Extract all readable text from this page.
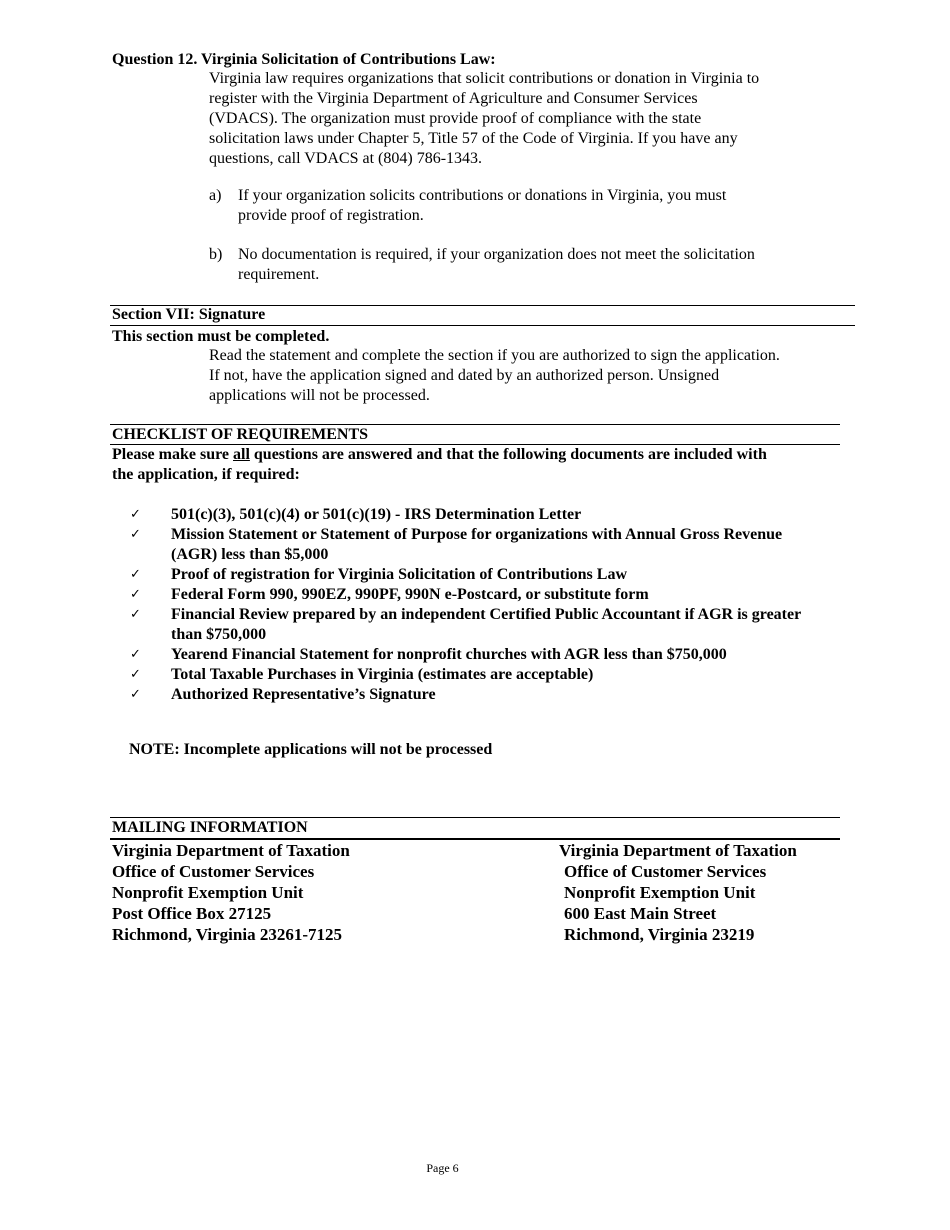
Question 12. Virginia Solicitation of Contributions Law:
Virginia law requires organizations that solicit contributions or donation in Virginia to
register with the Virginia Department of Agriculture and Consumer Services
(VDACS). The organization must provide proof of compliance with the state
solicitation laws under Chapter 5, Title 57 of the Code of Virginia. If you have any
questions, call VDACS at (804) 786-1343.
a) If your organization solicits contributions or donations in Virginia, you must
provide proof of registration.
b) No documentation is required, if your organization does not meet the solicitation
requirement.
Section VII: Signature
This section must be completed.
Read the statement and complete the section if you are authorized to sign the application.
If not, have the application signed and dated by an authorized person. Unsigned
applications will not be processed.
CHECKLIST OF REQUIREMENTS
Please make sure all questions are answered and that the following documents are included with
the application, if required:
✓ 501(c)(3), 501(c)(4) or 501(c)(19) - IRS Determination Letter
✓ Mission Statement or Statement of Purpose for organizations with Annual Gross Revenue
(AGR) less than $5,000
✓ Proof of registration for Virginia Solicitation of Contributions Law
✓ Federal Form 990, 990EZ, 990PF, 990N e-Postcard, or substitute form
✓ Financial Review prepared by an independent Certified Public Accountant if AGR is greater
than $750,000
✓ Yearend Financial Statement for nonprofit churches with AGR less than $750,000
✓ Total Taxable Purchases in Virginia (estimates are acceptable)
✓ Authorized Representative’s Signature
NOTE: Incomplete applications will not be processed
MAILING INFORMATION
Virginia Department of Taxation
Office of Customer Services
Nonprofit Exemption Unit
Post Office Box 27125
Richmond, Virginia 23261-7125
Virginia Department of Taxation
Office of Customer Services
Nonprofit Exemption Unit
600 East Main Street
Richmond, Virginia 23219
Page 6
